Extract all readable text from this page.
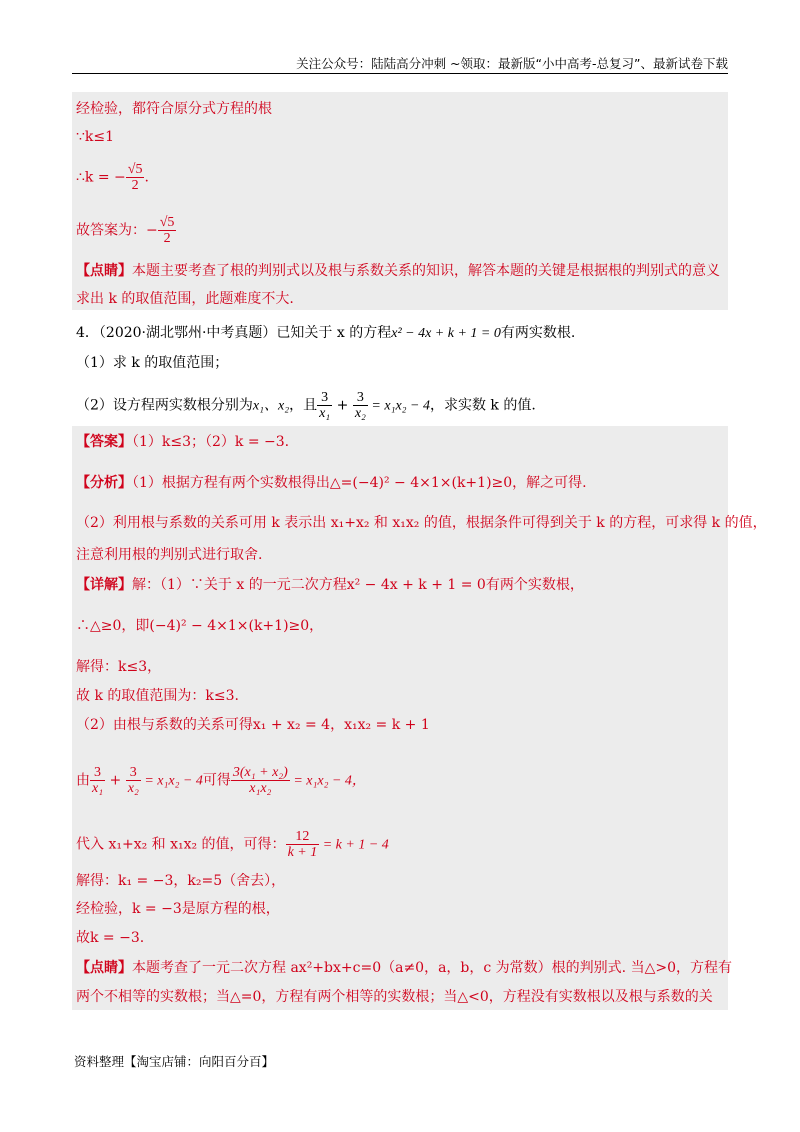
关注公众号：陆陆高分冲刺 ~领取：最新版“小中高考-总复习”、最新试卷下载
经检验，都符合原分式方程的根
∵k≤1
∴k = − $\frac{√5}{2}$ .
故答案为：− $\frac{√5}{2}$
【点睛】本题主要考查了根的判别式以及根与系数关系的知识，解答本题的关键是根据根的判别式的意义
求出 k 的取值范围，此题难度不大.
4．（2020·湖北鄂州·中考真题）已知关于 x 的方程x² − 4x + k + 1 = 0有两实数根.
（1）求 k 的取值范围；
（2）设方程两实数根分别为x₁、x₂，且 $\frac{3}{\text{x₁}} + \frac{3}{\text{x₂}} = x_1x_2 - 4$，求实数 k 的值.
【答案】（1）k≤3；（2）k = −3.
【分析】（1）根据方程有两个实数根得出△=(−4)² − 4×1×(k+1)≥0，解之可得.
（2）利用根与系数的关系可用 k 表示出 x₁+x₂ 和 x₁x₂ 的值，根据条件可得到关于 k 的方程，可求得 k 的值，
注意利用根的判别式进行取舍.
【详解】解：（1）∵关于 x 的一元二次方程x² − 4x + k + 1 = 0有两个实数根，
∴△≥0，即(−4)² − 4×1×(k+1)≥0，
解得：k≤3，
故 k 的取值范围为：k≤3.
（2）由根与系数的关系可得x₁ + x₂ = 4，x₁x₂ = k + 1
由 $\frac{3}{\text{x₁}} + \frac{3}{\text{x₂}} = x_1x_2 - 4$可得 $\frac{\text{3(x₁ + x₂)}}{\text{x₁x₂}} = x_1x_2 - 4$，
代入 x₁+x₂ 和 x₁x₂ 的值，可得： $\frac{12}{k + 1} = k + 1 - 4$
解得：k₁ = −3，k₂=5（舍去），
经检验，k = −3是原方程的根，
故k = −3.
【点睛】本题考查了一元二次方程 ax²+bx+c=0（a≠0，a，b，c 为常数）根的判别式. 当△>0，方程有
两个不相等的实数根；当△=0，方程有两个相等的实数根；当△<0，方程没有实数根以及根与系数的关
资料整理【淘宝店铺：向阳百分百】
